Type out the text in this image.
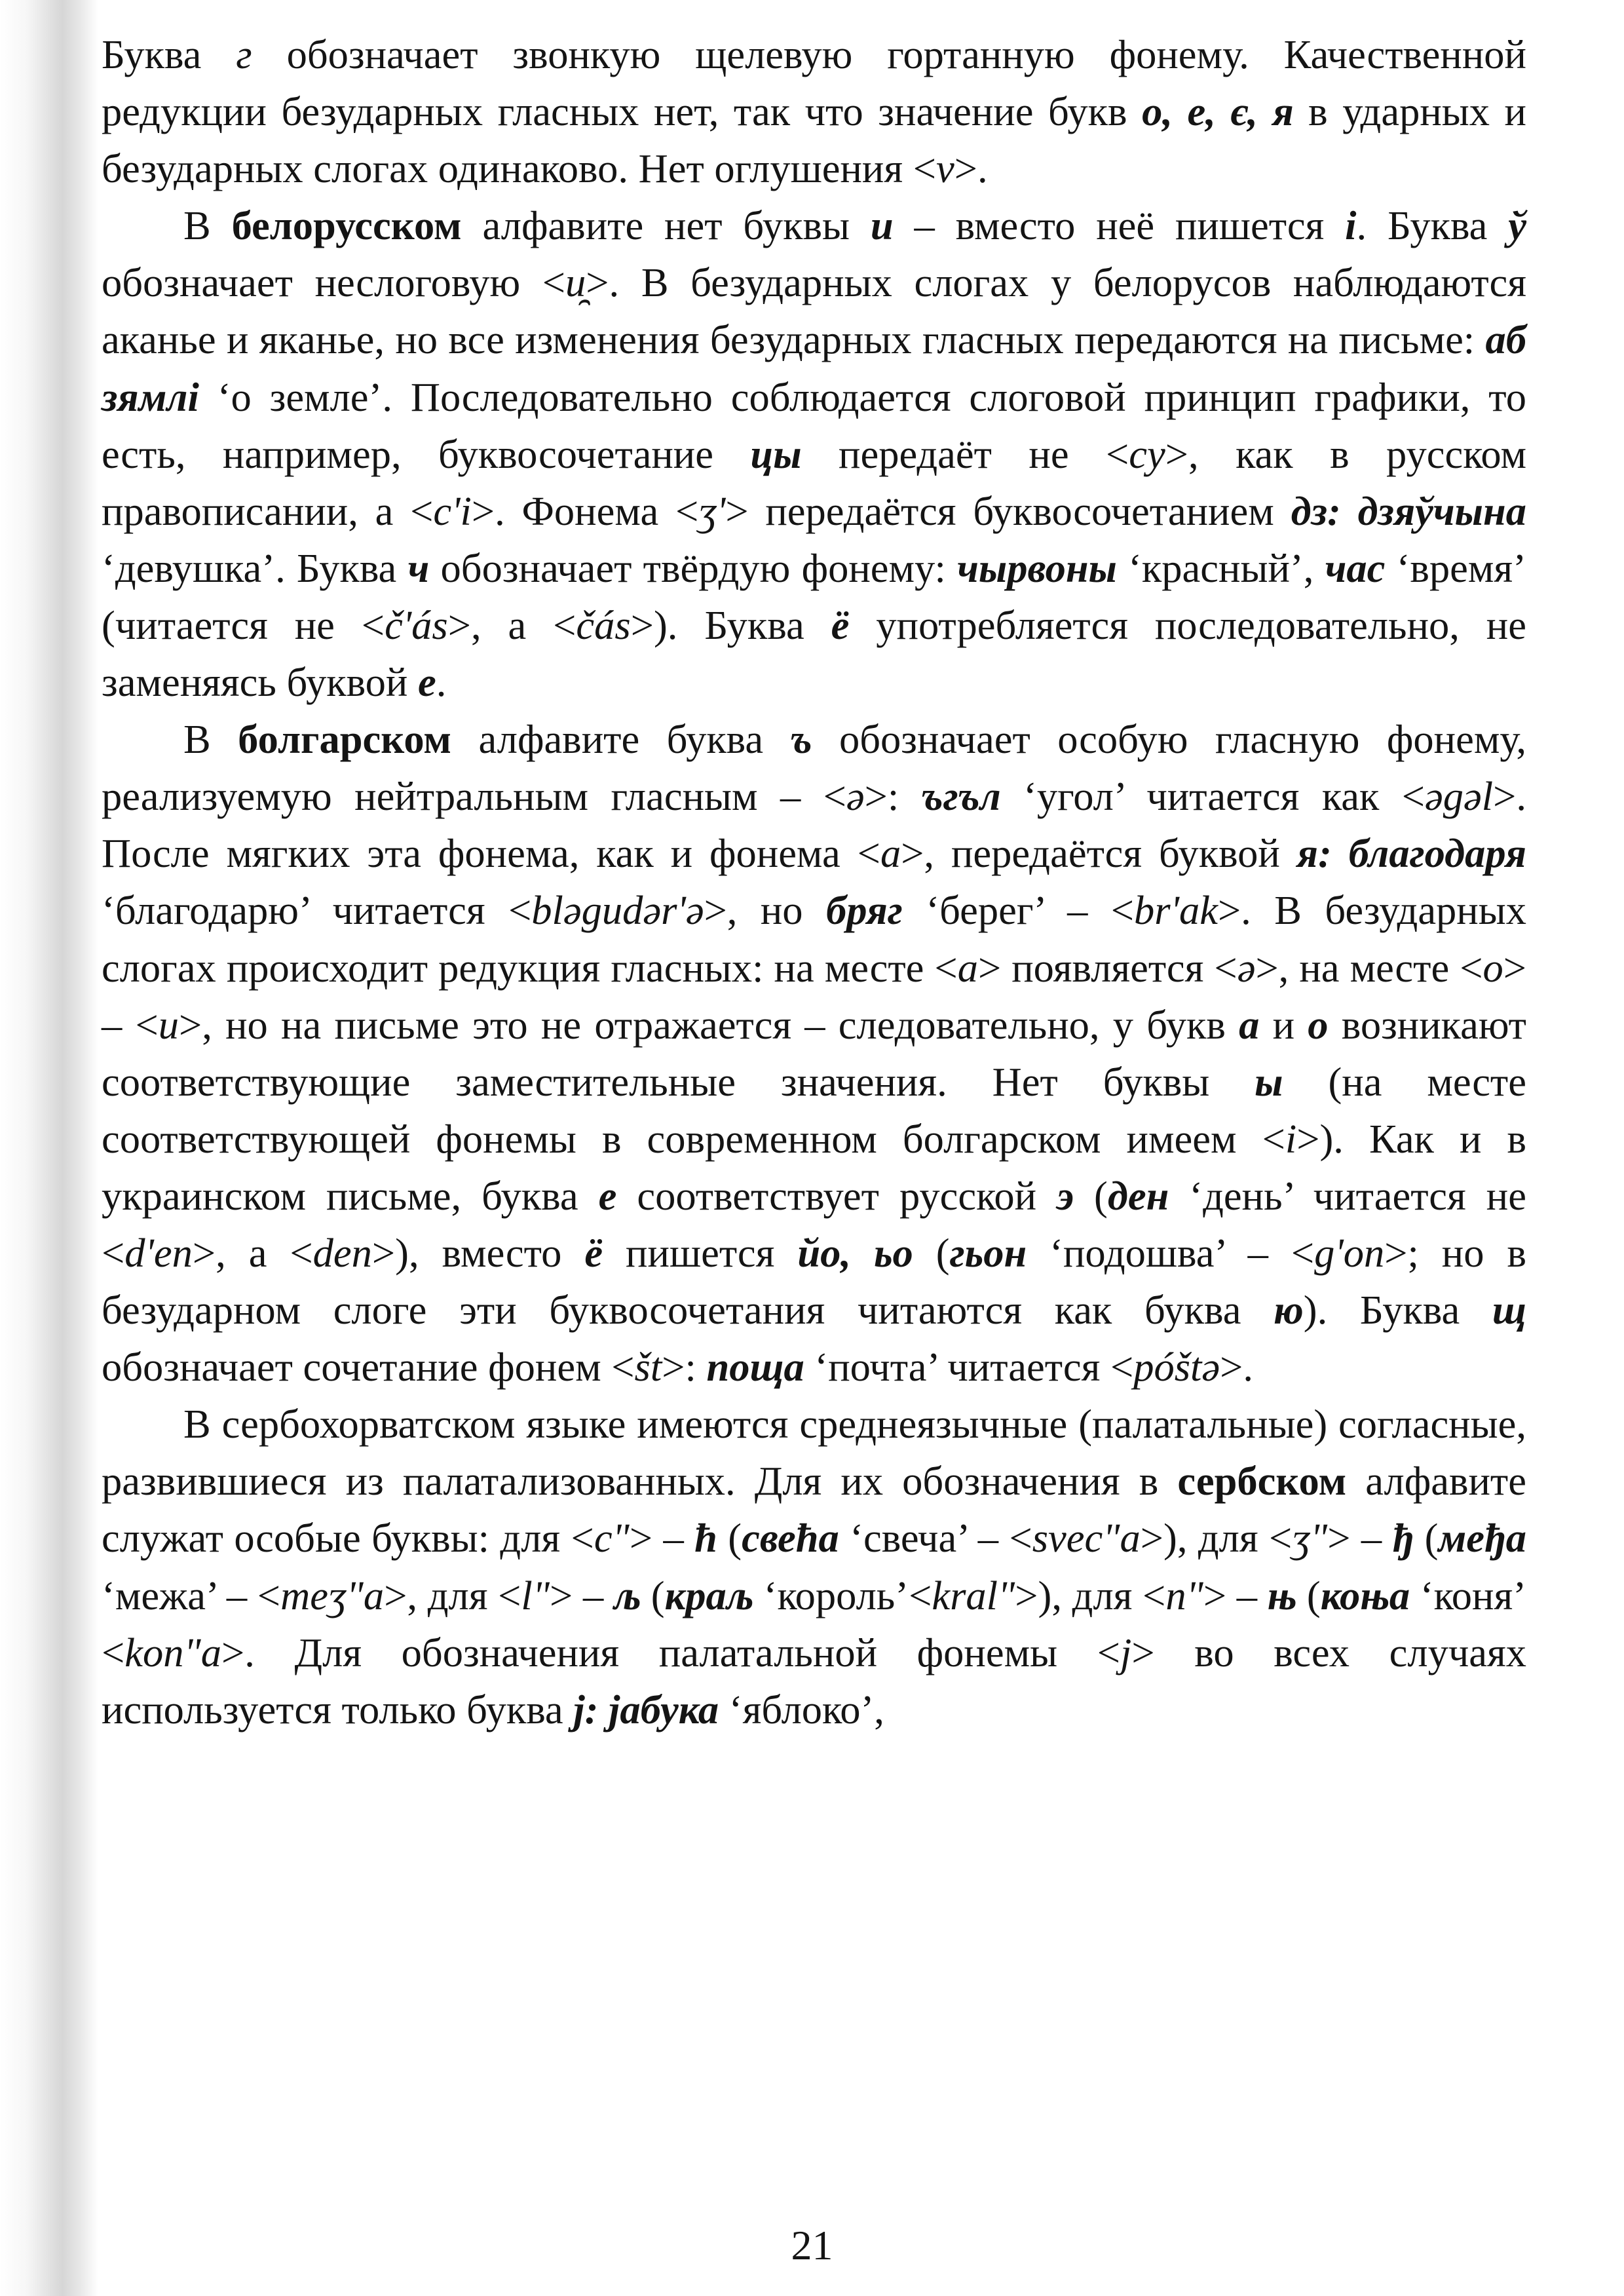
Буква г обозначает звонкую щелевую гортанную фонему. Качественной редукции безударных гласных нет, так что значение букв о, е, є, я в ударных и безударных слогах одинаково. Нет оглушения <v>.

В белорусском алфавите нет буквы и – вместо неё пишется і. Буква ў обозначает неслоговую <u̯>. В безударных слогах у белорусов наблюдаются аканье и яканье, но все изменения безударных гласных передаются на письме: аб зямлі ‘о земле’. Последовательно соблюдается слоговой принцип графики, то есть, например, буквосочетание цы передаёт не <cy>, как в русском правописании, а <c'i>. Фонема <ʒ'> передаётся буквосочетанием дз: дзяўчына ‘девушка’. Буква ч обозначает твёрдую фонему: чырвоны ‘красный’, час ‘время’ (читается не <č'ás>, а <čás>). Буква ё употребляется последовательно, не заменяясь буквой е.

В болгарском алфавите буква ъ обозначает особую гласную фонему, реализуемую нейтральным гласным – <ə>: ъгъл ‘угол’ читается как <əgəl>. После мягких эта фонема, как и фонема <a>, передаётся буквой я: благодаря ‘благодарю’ читается <bləgudər'ə>, но бряг ‘берег’ – <br'ak>. В безударных слогах происходит редукция гласных: на месте <a> появляется <ə>, на месте <o> – <u>, но на письме это не отражается – следовательно, у букв а и о возникают соответствующие заместительные значения. Нет буквы ы (на месте соответствующей фонемы в современном болгарском имеем <i>). Как и в украинском письме, буква е соответствует русской э (ден ‘день’ читается не <d'en>, а <den>), вместо ё пишется йо, ьо (гьон ‘подошва’ – <g'on>; но в безударном слоге эти буквосочетания читаются как буква ю). Буква щ обозначает сочетание фонем <št>: поща ‘почта’ читается <póštə>.

В сербохорватском языке имеются среднеязычные (палатальные) согласные, развившиеся из палатализованных. Для их обозначения в сербском алфавите служат особые буквы: для <c"> – ћ (свећа ‘свеча’ – <svec"a>), для <ʒ"> – ђ (међа ‘межа’ – <meʒ"a>, для <l"> – љ (краљ ‘король’<kral">), для <n"> – њ (коња ‘коня’ <kon"a>. Для обозначения палатальной фонемы <j> во всех случаях используется только буква j: jабука ‘яблоко’,

21
